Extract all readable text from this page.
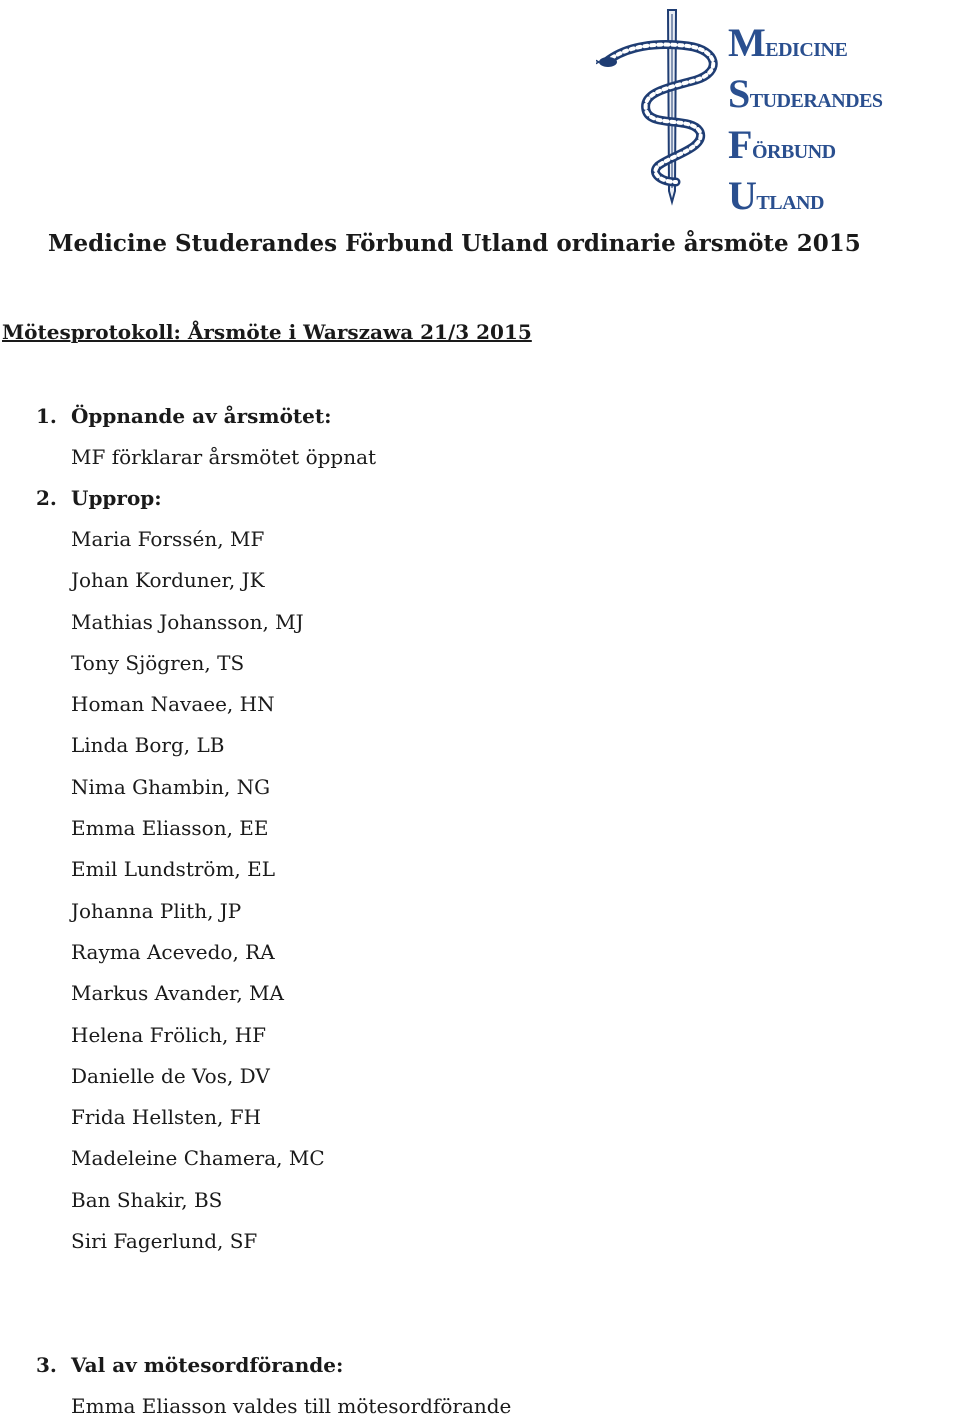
Medicine
Studerandes
Förbund
Utland
Medicine Studerandes Förbund Utland ordinarie årsmöte 2015
Mötesprotokoll: Årsmöte i Warszawa 21/3 2015
1. Öppnande av årsmötet:
MF förklarar årsmötet öppnat
2. Upprop:
Maria Forssén, MF
Johan Korduner, JK
Mathias Johansson, MJ
Tony Sjögren, TS
Homan Navaee, HN
Linda Borg, LB
Nima Ghambin, NG
Emma Eliasson, EE
Emil Lundström, EL
Johanna Plith, JP
Rayma Acevedo, RA
Markus Avander, MA
Helena Frölich, HF
Danielle de Vos, DV
Frida Hellsten, FH
Madeleine Chamera, MC
Ban Shakir, BS
Siri Fagerlund, SF
3. Val av mötesordförande:
Emma Eliasson valdes till mötesordförande
